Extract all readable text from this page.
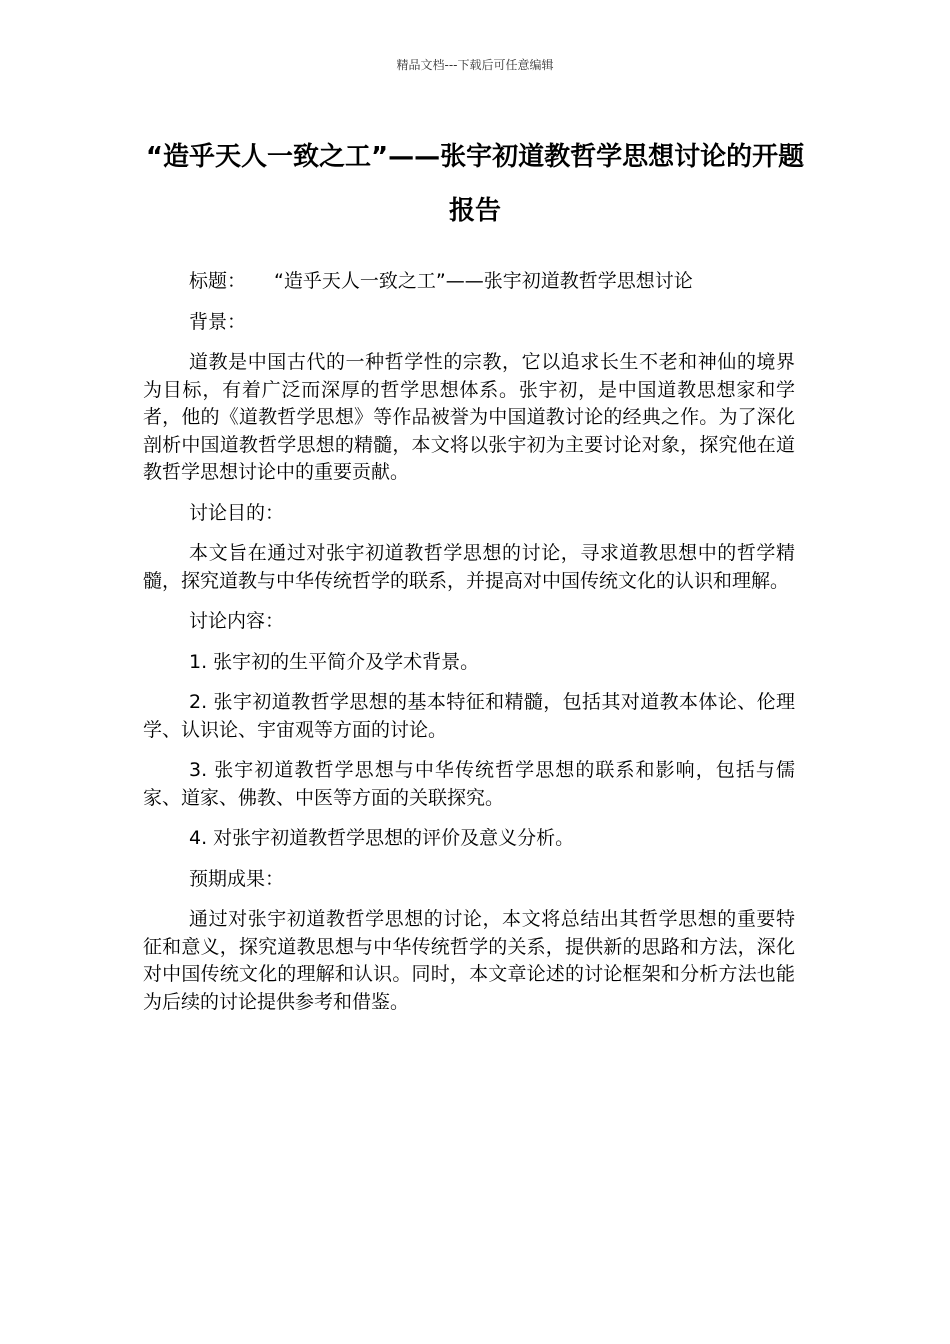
精品文档---下载后可任意编辑
“造乎天人一致之工”——张宇初道教哲学思想讨论的开题报告

标题： “造乎天人一致之工”——张宇初道教哲学思想讨论

背景：

道教是中国古代的一种哲学性的宗教，它以追求长生不老和神仙的境界为目标，有着广泛而深厚的哲学思想体系。张宇初，是中国道教思想家和学者，他的《道教哲学思想》等作品被誉为中国道教讨论的经典之作。为了深化剖析中国道教哲学思想的精髓，本文将以张宇初为主要讨论对象，探究他在道教哲学思想讨论中的重要贡献。

讨论目的：

本文旨在通过对张宇初道教哲学思想的讨论，寻求道教思想中的哲学精髓，探究道教与中华传统哲学的联系，并提高对中国传统文化的认识和理解。

讨论内容：

1. 张宇初的生平简介及学术背景。

2. 张宇初道教哲学思想的基本特征和精髓，包括其对道教本体论、伦理学、认识论、宇宙观等方面的讨论。

3. 张宇初道教哲学思想与中华传统哲学思想的联系和影响，包括与儒家、道家、佛教、中医等方面的关联探究。

4. 对张宇初道教哲学思想的评价及意义分析。

预期成果：

通过对张宇初道教哲学思想的讨论，本文将总结出其哲学思想的重要特征和意义，探究道教思想与中华传统哲学的关系，提供新的思路和方法，深化对中国传统文化的理解和认识。同时，本文章论述的讨论框架和分析方法也能为后续的讨论提供参考和借鉴。
